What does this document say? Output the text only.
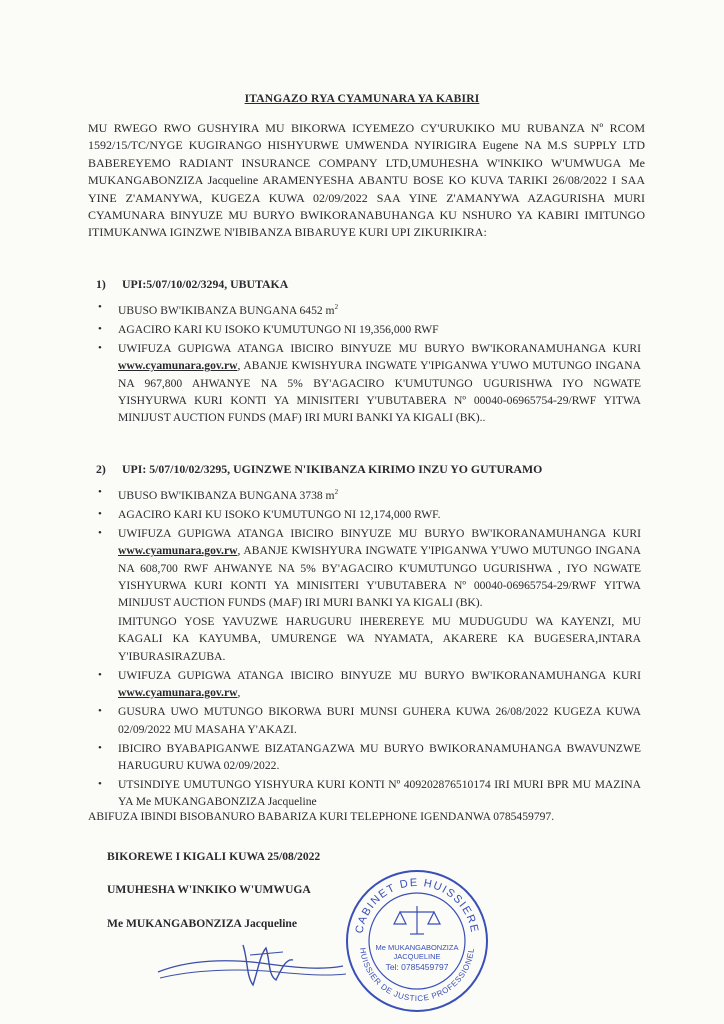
ITANGAZO RYA CYAMUNARA YA KABIRI
MU RWEGO RWO GUSHYIRA MU BIKORWA ICYEMEZO CY'URUKIKO MU RUBANZA Nº RCOM 1592/15/TC/NYGE KUGIRANGO HISHYURWE UMWENDA NYIRIGIRA Eugene NA M.S SUPPLY LTD BABEREYEMO RADIANT INSURANCE COMPANY LTD,UMUHESHA W'INKIKO W'UMWUGA Me MUKANGABONZIZA Jacqueline ARAMENYESHA ABANTU BOSE KO KUVA TARIKI 26/08/2022 I SAA YINE Z'AMANYWA, KUGEZA KUWA 02/09/2022 SAA YINE Z'AMANYWA AZAGURISHA MURI CYAMUNARA BINYUZE MU BURYO BWIKORANABUHANGA KU NSHURO YA KABIRI IMITUNGO ITIMUKANWA IGINZWE N'IBIBANZA BIBARUYE KURI UPI ZIKURIKIRA:
1) UPI:5/07/10/02/3294, UBUTAKA
• UBUSO BW'IKIBANZA BUNGANA 6452 $m^2$
• AGACIRO KARI KU ISOKO K'UMUTUNGO NI 19,356,000 RWF
• UWIFUZA GUPIGWA ATANGA IBICIRO BINYUZE MU BURYO BW'IKORANAMUHANGA KURI www.cyamunara.gov.rw, ABANJE KWISHYURA INGWATE Y'IPIGANWA Y'UWO MUTUNGO INGANA NA 967,800 AHWANYE NA 5% BY'AGACIRO K'UMUTUNGO UGURISHWA IYO NGWATE YISHYURWA KURI KONTI YA MINISITERI Y'UBUTABERA Nº 00040-06965754-29/RWF YITWA MINIJUST AUCTION FUNDS (MAF) IRI MURI BANKI YA KIGALI (BK)..
2) UPI: 5/07/10/02/3295, UGINZWE N'IKIBANZA KIRIMO INZU YO GUTURAMO
• UBUSO BW'IKIBANZA BUNGANA 3738 $m^2$
• AGACIRO KARI KU ISOKO K'UMUTUNGO NI 12,174,000 RWF.
• UWIFUZA GUPIGWA ATANGA IBICIRO BINYUZE MU BURYO BW'IKORANAMUHANGA KURI www.cyamunara.gov.rw, ABANJE KWISHYURA INGWATE Y'IPIGANWA Y'UWO MUTUNGO INGANA NA 608,700 RWF AHWANYE NA 5% BY'AGACIRO K'UMUTUNGO UGURISHWA , IYO NGWATE YISHYURWA KURI KONTI YA MINISITERI Y'UBUTABERA Nº 00040-06965754-29/RWF YITWA MINIJUST AUCTION FUNDS (MAF) IRI MURI BANKI YA KIGALI (BK).
IMITUNGO YOSE YAVUZWE HARUGURU IHEREREYE MU MUDUGUDU WA KAYENZI, MU KAGALI KA KAYUMBA, UMURENGE WA NYAMATA, AKARERE KA BUGESERA,INTARA Y'IBURASIRAZUBA.
• UWIFUZA GUPIGWA ATANGA IBICIRO BINYUZE MU BURYO BW'IKORANAMUHANGA KURI www.cyamunara.gov.rw,
• GUSURA UWO MUTUNGO BIKORWA BURI MUNSI GUHERA KUWA 26/08/2022 KUGEZA KUWA 02/09/2022 MU MASAHA Y'AKAZI.
• IBICIRO BYABAPIGANWE BIZATANGAZWA MU BURYO BWIKORANAMUHANGA BWAVUNZWE HARUGURU KUWA 02/09/2022.
• UTSINDIYE UMUTUNGO YISHYURA KURI KONTI Nº 409202876510174 IRI MURI BPR MU MAZINA YA Me MUKANGABONZIZA Jacqueline
ABIFUZA IBINDI BISOBANURO BABARIZA KURI TELEPHONE IGENDANWA 0785459797.
BIKOREWE I KIGALI KUWA 25/08/2022
UMUHESHA W'INKIKO W'UMWUGA
Me MUKANGABONZIZA Jacqueline	CABINET DE HUISSIERE
HUISSIER DE JUSTICE PROFESSIONEL
Me MUKANGABONZIZA
JACQUELINE
Tel: 0785459797
